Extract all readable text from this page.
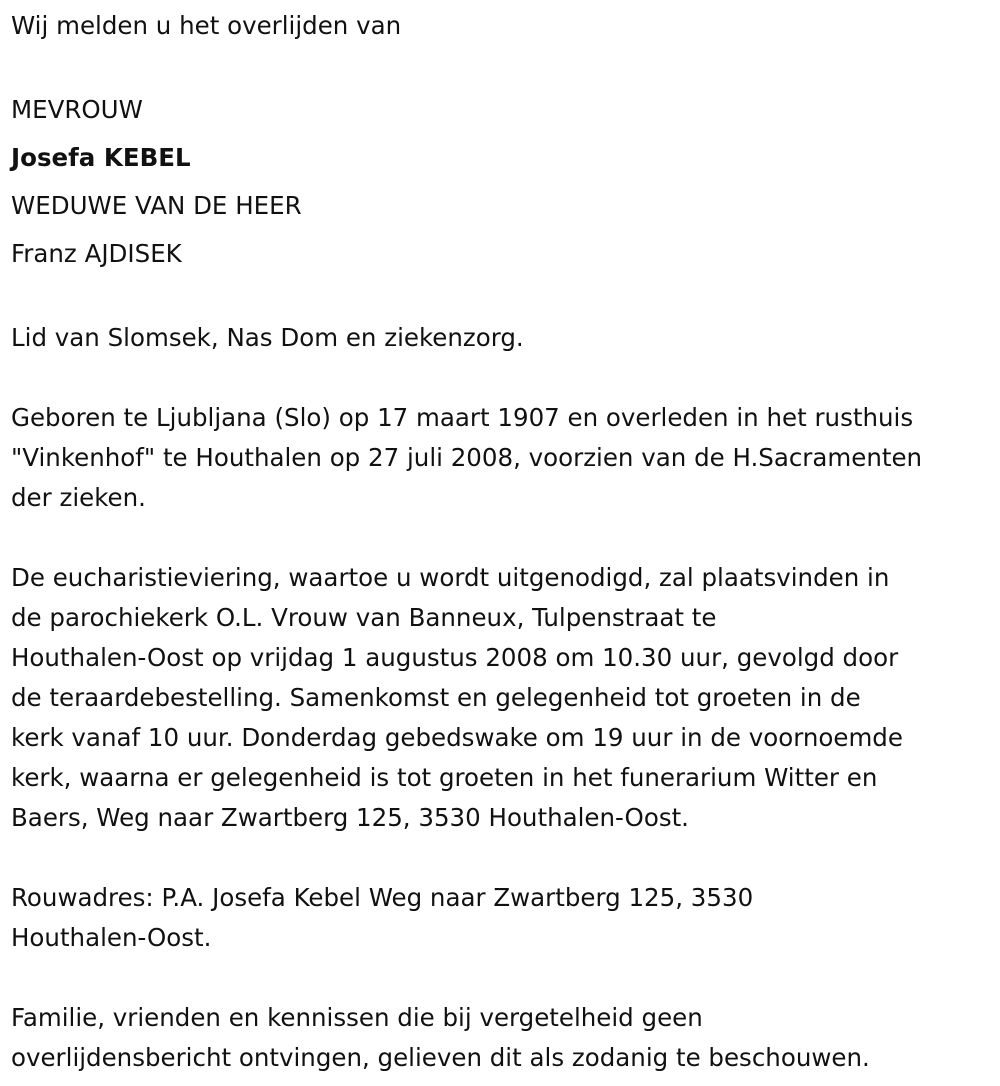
Wij melden u het overlijden van
MEVROUW
Josefa KEBEL
WEDUWE VAN DE HEER
Franz AJDISEK
Lid van Slomsek, Nas Dom en ziekenzorg.
Geboren te Ljubljana (Slo) op 17 maart 1907 en overleden in het rusthuis
"Vinkenhof" te Houthalen op 27 juli 2008, voorzien van de H.Sacramenten
der zieken.
De eucharistieviering, waartoe u wordt uitgenodigd, zal plaatsvinden in
de parochiekerk O.L. Vrouw van Banneux, Tulpenstraat te
Houthalen-Oost op vrijdag 1 augustus 2008 om 10.30 uur, gevolgd door
de teraardebestelling. Samenkomst en gelegenheid tot groeten in de
kerk vanaf 10 uur. Donderdag gebedswake om 19 uur in de voornoemde
kerk, waarna er gelegenheid is tot groeten in het funerarium Witter en
Baers, Weg naar Zwartberg 125, 3530 Houthalen-Oost.
Rouwadres: P.A. Josefa Kebel Weg naar Zwartberg 125, 3530
Houthalen-Oost.
Familie, vrienden en kennissen die bij vergetelheid geen
overlijdensbericht ontvingen, gelieven dit als zodanig te beschouwen.
